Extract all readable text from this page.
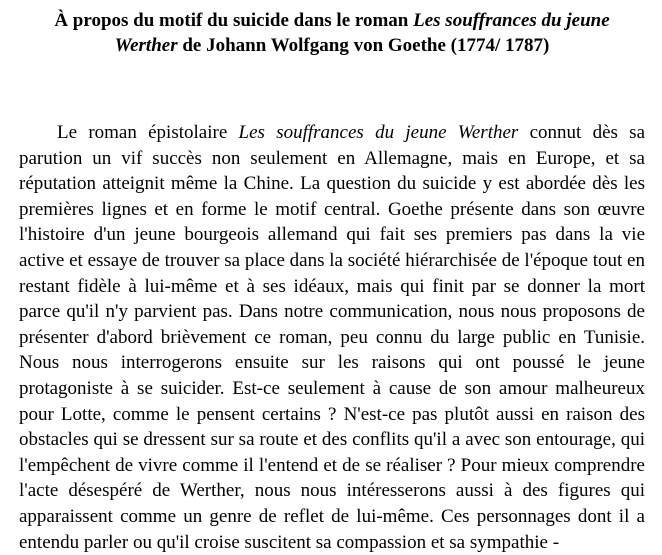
À propos du motif du suicide dans le roman Les souffrances du jeune Werther de Johann Wolfgang von Goethe (1774/ 1787)

Le roman épistolaire Les souffrances du jeune Werther connut dès sa parution un vif succès non seulement en Allemagne, mais en Europe, et sa réputation atteignit même la Chine. La question du suicide y est abordée dès les premières lignes et en forme le motif central. Goethe présente dans son œuvre l'histoire d'un jeune bourgeois allemand qui fait ses premiers pas dans la vie active et essaye de trouver sa place dans la société hiérarchisée de l'époque tout en restant fidèle à lui-même et à ses idéaux, mais qui finit par se donner la mort parce qu'il n'y parvient pas. Dans notre communication, nous nous proposons de présenter d'abord brièvement ce roman, peu connu du large public en Tunisie. Nous nous interrogerons ensuite sur les raisons qui ont poussé le jeune protagoniste à se suicider. Est-ce seulement à cause de son amour malheureux pour Lotte, comme le pensent certains ? N'est-ce pas plutôt aussi en raison des obstacles qui se dressent sur sa route et des conflits qu'il a avec son entourage, qui l'empêchent de vivre comme il l'entend et de se réaliser ? Pour mieux comprendre l'acte désespéré de Werther, nous nous intéresserons aussi à des figures qui apparaissent comme un genre de reflet de lui-même. Ces personnages dont il a entendu parler ou qu'il croise suscitent sa compassion et sa sympathie -
